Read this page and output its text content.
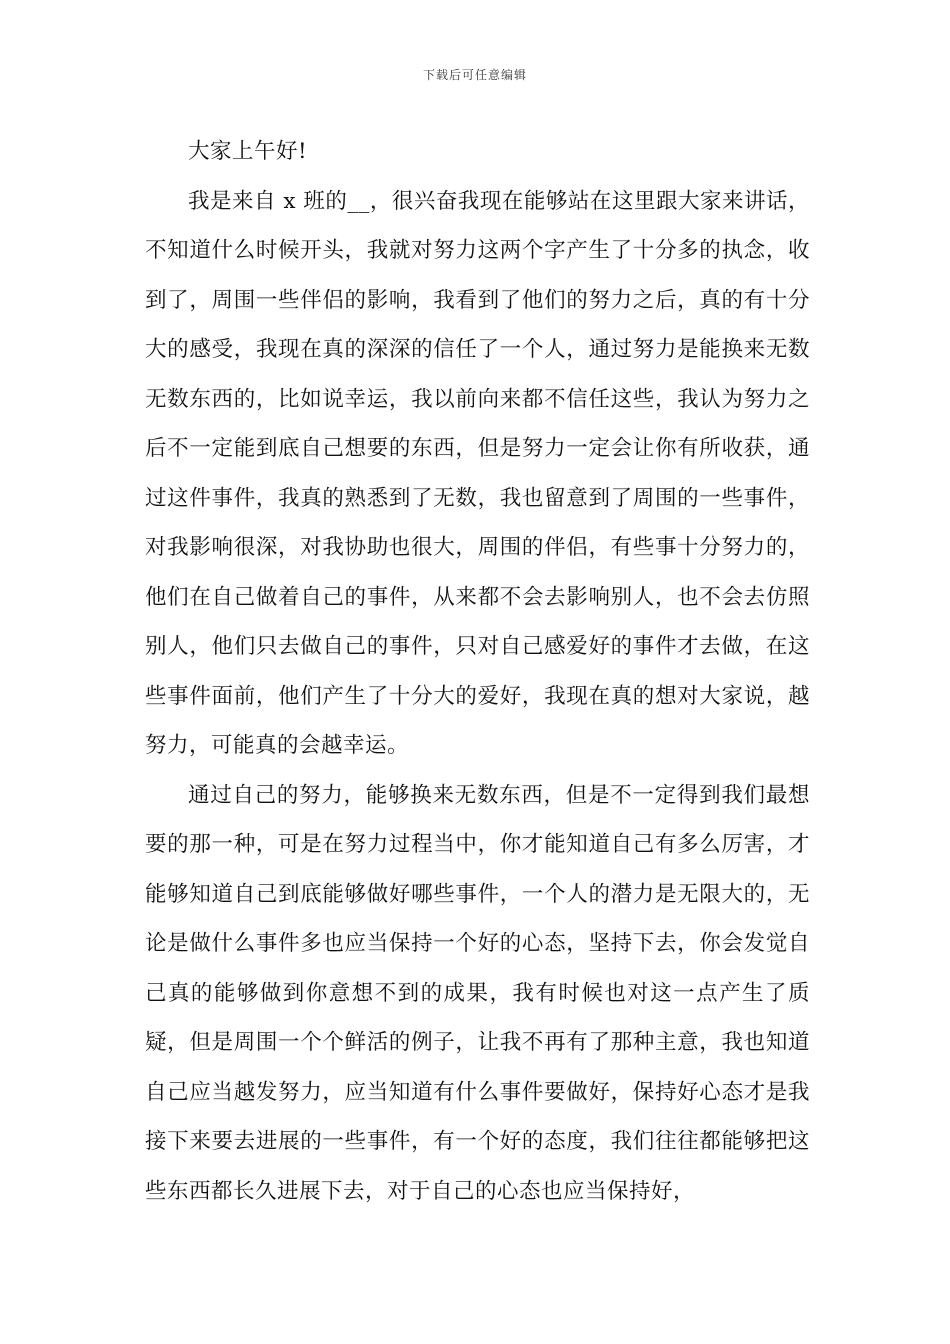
下载后可任意编辑

大家上午好!

我是来自 x 班的__，很兴奋我现在能够站在这里跟大家来讲话，不知道什么时候开头，我就对努力这两个字产生了十分多的执念，收到了，周围一些伴侣的影响，我看到了他们的努力之后，真的有十分大的感受，我现在真的深深的信任了一个人，通过努力是能换来无数无数东西的，比如说幸运，我以前向来都不信任这些，我认为努力之后不一定能到底自己想要的东西，但是努力一定会让你有所收获，通过这件事件，我真的熟悉到了无数，我也留意到了周围的一些事件，对我影响很深，对我协助也很大，周围的伴侣，有些事十分努力的，他们在自己做着自己的事件，从来都不会去影响别人，也不会去仿照别人，他们只去做自己的事件，只对自己感爱好的事件才去做，在这些事件面前，他们产生了十分大的爱好，我现在真的想对大家说，越努力，可能真的会越幸运。

通过自己的努力，能够换来无数东西，但是不一定得到我们最想要的那一种，可是在努力过程当中，你才能知道自己有多么厉害，才能够知道自己到底能够做好哪些事件，一个人的潜力是无限大的，无论是做什么事件多也应当保持一个好的心态，坚持下去，你会发觉自己真的能够做到你意想不到的成果，我有时候也对这一点产生了质疑，但是周围一个个鲜活的例子，让我不再有了那种主意，我也知道自己应当越发努力，应当知道有什么事件要做好，保持好心态才是我接下来要去进展的一些事件，有一个好的态度，我们往往都能够把这些东西都长久进展下去，对于自己的心态也应当保持好，
